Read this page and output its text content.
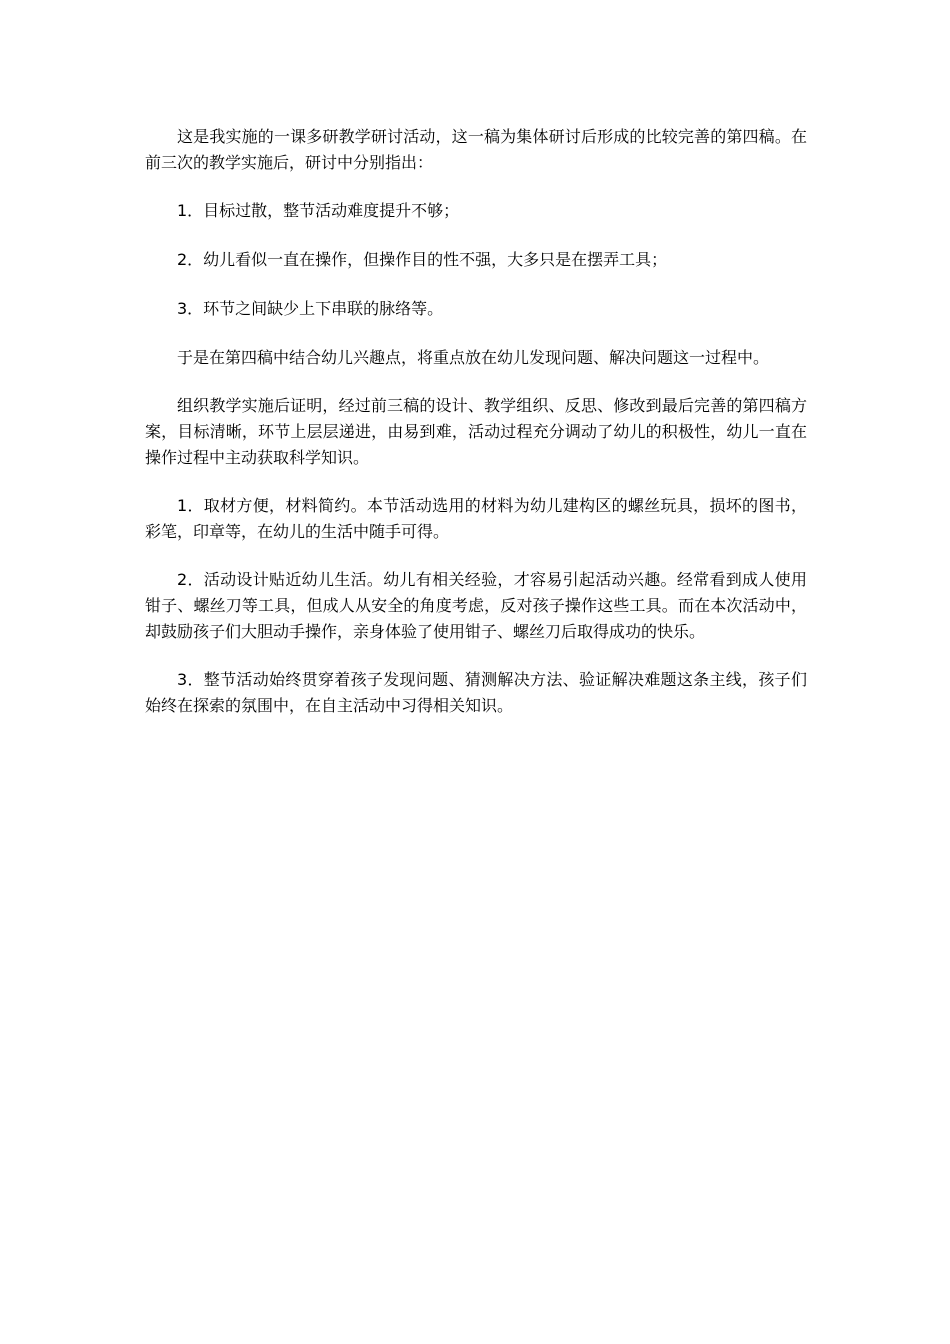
这是我实施的一课多研教学研讨活动，这一稿为集体研讨后形成的比较完善的第四稿。在前三次的教学实施后，研讨中分别指出：

1．目标过散，整节活动难度提升不够；

2．幼儿看似一直在操作，但操作目的性不强，大多只是在摆弄工具；

3．环节之间缺少上下串联的脉络等。

于是在第四稿中结合幼儿兴趣点，将重点放在幼儿发现问题、解决问题这一过程中。

组织教学实施后证明，经过前三稿的设计、教学组织、反思、修改到最后完善的第四稿方案，目标清晰，环节上层层递进，由易到难，活动过程充分调动了幼儿的积极性，幼儿一直在操作过程中主动获取科学知识。

1．取材方便，材料简约。本节活动选用的材料为幼儿建构区的螺丝玩具，损坏的图书，彩笔，印章等，在幼儿的生活中随手可得。

2．活动设计贴近幼儿生活。幼儿有相关经验，才容易引起活动兴趣。经常看到成人使用钳子、螺丝刀等工具，但成人从安全的角度考虑，反对孩子操作这些工具。而在本次活动中，却鼓励孩子们大胆动手操作，亲身体验了使用钳子、螺丝刀后取得成功的快乐。

3．整节活动始终贯穿着孩子发现问题、猜测解决方法、验证解决难题这条主线，孩子们始终在探索的氛围中，在自主活动中习得相关知识。
